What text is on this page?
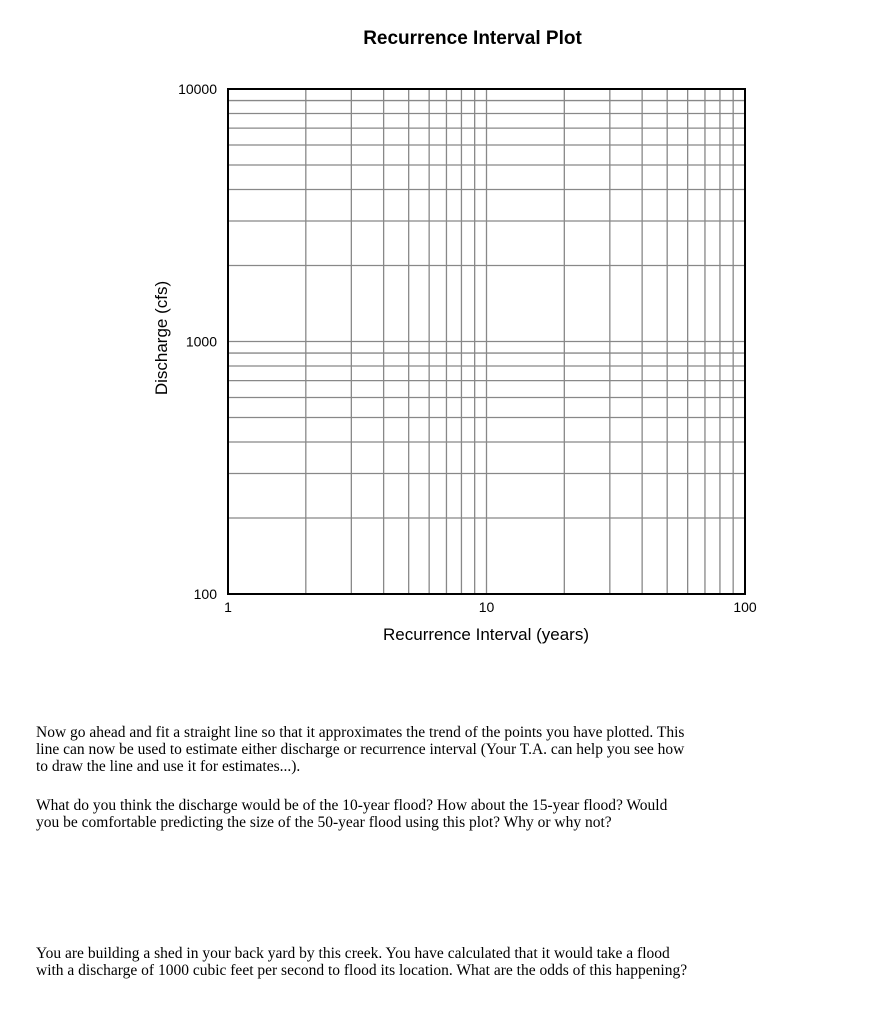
Recurrence Interval Plot
1	10	100
100
1000
10000
Recurrence Interval (years)
Discharge (cfs)
Now go ahead and fit a straight line so that it approximates the trend of the points you have plotted. This
line can now be used to estimate either discharge or recurrence interval (Your T.A. can help you see how
to draw the line and use it for estimates...).
What do you think the discharge would be of the 10-year flood? How about the 15-year flood? Would
you be comfortable predicting the size of the 50-year flood using this plot? Why or why not?
You are building a shed in your back yard by this creek. You have calculated that it would take a flood
with a discharge of 1000 cubic feet per second to flood its location. What are the odds of this happening?
